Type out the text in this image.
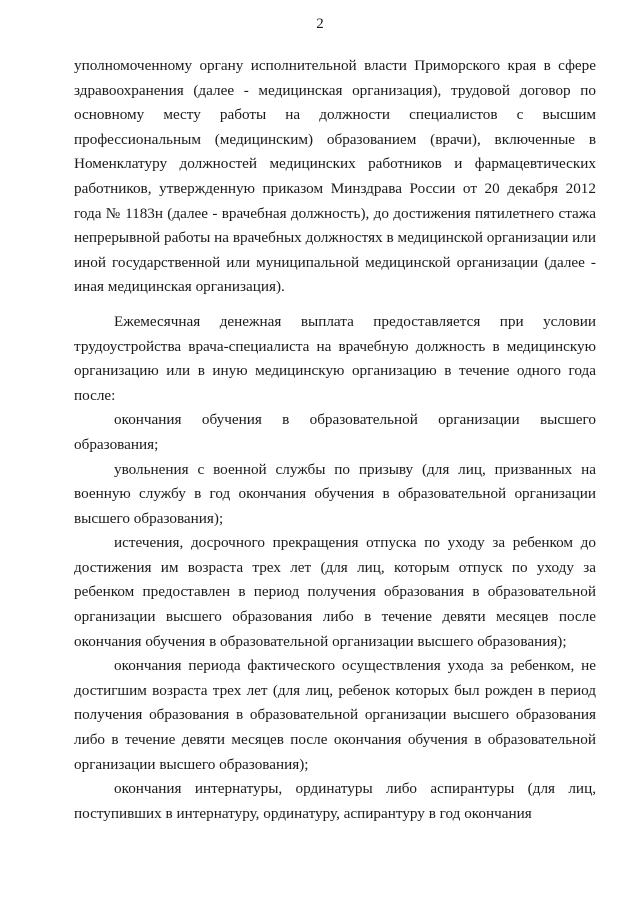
2

уполномоченному органу исполнительной власти Приморского края в сфере здравоохранения (далее - медицинская организация), трудовой договор по основному месту работы на должности специалистов с высшим профессиональным (медицинским) образованием (врачи), включенные в Номенклатуру должностей медицинских работников и фармацевтических работников, утвержденную приказом Минздрава России от 20 декабря 2012 года № 1183н (далее - врачебная должность), до достижения пятилетнего стажа непрерывной работы на врачебных должностях в медицинской организации или иной государственной или муниципальной медицинской организации (далее - иная медицинская организация).

Ежемесячная денежная выплата предоставляется при условии трудоустройства врача-специалиста на врачебную должность в медицинскую организацию или в иную медицинскую организацию в течение одного года после:

окончания обучения в образовательной организации высшего образования;

увольнения с военной службы по призыву (для лиц, призванных на военную службу в год окончания обучения в образовательной организации высшего образования);

истечения, досрочного прекращения отпуска по уходу за ребенком до достижения им возраста трех лет (для лиц, которым отпуск по уходу за ребенком предоставлен в период получения образования в образовательной организации высшего образования либо в течение девяти месяцев после окончания обучения в образовательной организации высшего образования);

окончания периода фактического осуществления ухода за ребенком, не достигшим возраста трех лет (для лиц, ребенок которых был рожден в период получения образования в образовательной организации высшего образования либо в течение девяти месяцев после окончания обучения в образовательной организации высшего образования);

окончания интернатуры, ординатуры либо аспирантуры (для лиц, поступивших в интернатуру, ординатуру, аспирантуру в год окончания
